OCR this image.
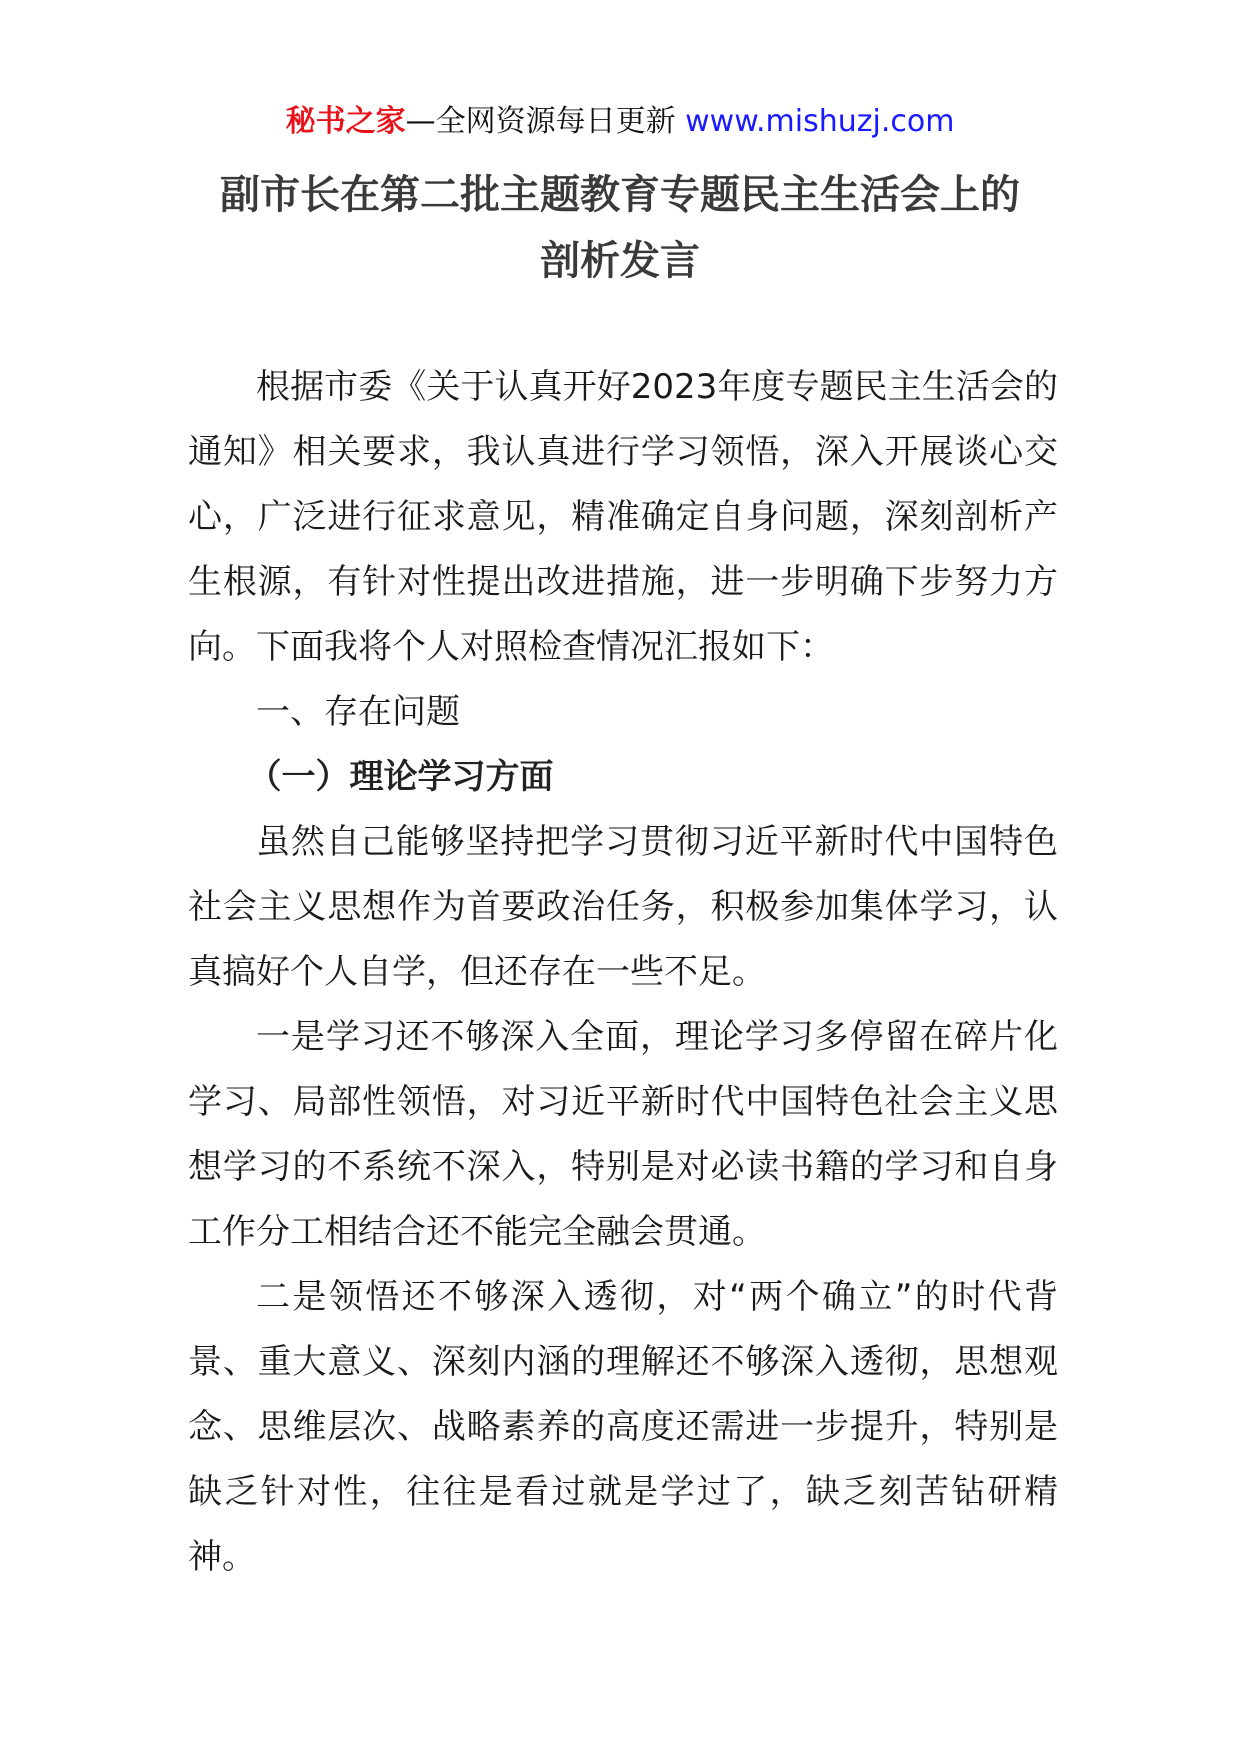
秘书之家—全网资源每日更新 www.mishuzj.com
副市长在第二批主题教育专题民主生活会上的
剖析发言

根据市委《关于认真开好2023年度专题民主生活会的通知》相关要求，我认真进行学习领悟，深入开展谈心交心，广泛进行征求意见，精准确定自身问题，深刻剖析产生根源，有针对性提出改进措施，进一步明确下步努力方向。下面我将个人对照检查情况汇报如下：

一、存在问题

（一）理论学习方面

虽然自己能够坚持把学习贯彻习近平新时代中国特色社会主义思想作为首要政治任务，积极参加集体学习，认真搞好个人自学，但还存在一些不足。

一是学习还不够深入全面，理论学习多停留在碎片化学习、局部性领悟，对习近平新时代中国特色社会主义思想学习的不系统不深入，特别是对必读书籍的学习和自身工作分工相结合还不能完全融会贯通。

二是领悟还不够深入透彻，对“两个确立”的时代背景、重大意义、深刻内涵的理解还不够深入透彻，思想观念、思维层次、战略素养的高度还需进一步提升，特别是缺乏针对性，往往是看过就是学过了，缺乏刻苦钻研精神。
